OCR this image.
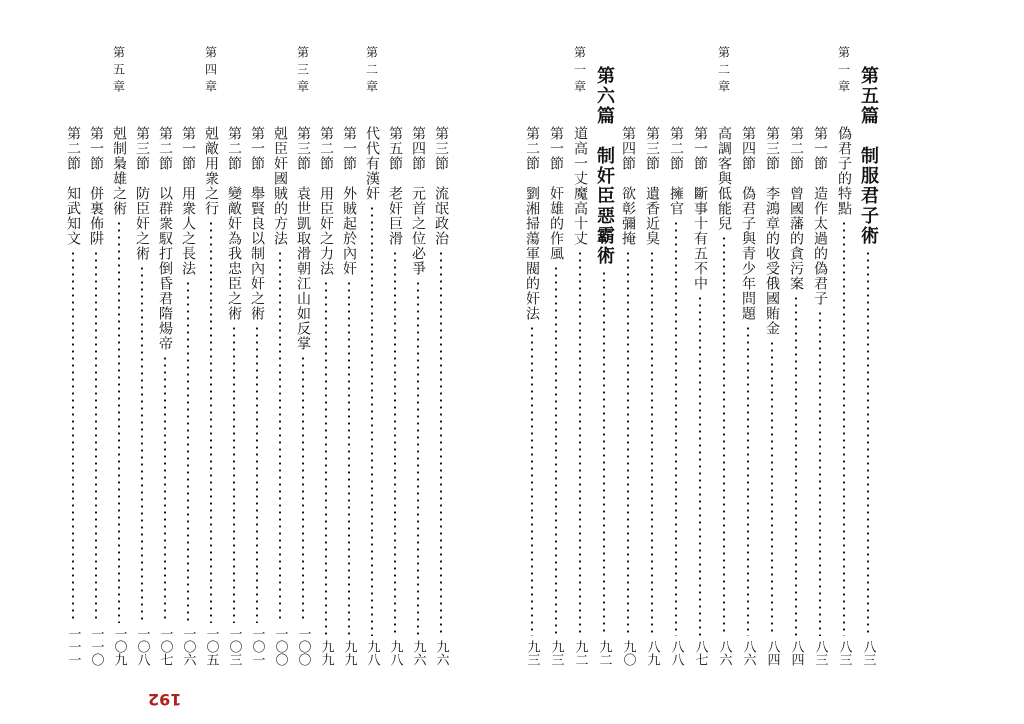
第三節　流氓政治
九六
第四節　元首之位必爭
九六
第五節　老奸巨滑
九八
第二章
代代有漢奸
九八
第一節　外賊起於內奸
九九
第二節　用臣奸之力法
九九
第三章
第三節　袁世凱取滑朝江山如反掌
一〇〇
剋臣奸國賊的方法
一〇〇
第一節　舉賢良以制內奸之術
一〇一
第二節　變敵奸為我忠臣之術
一〇三
第四章
剋敵用衆之行
一〇五
第一節　用衆人之長法
一〇六
第二節　以群衆馭打倒昏君隋煬帝
一〇七
第三節　防臣奸之術
一〇八
第五章
剋制梟雄之術
一〇九
第一節　併裏佈阱
一一〇
第二節　知武知文
一一一
第五篇　制服君子術
八三
第一章
偽君子的特點
八三
第一節　造作太過的偽君子
八三
第二節　曾國藩的貪污案
八四
第三節　李鴻章的收受俄國賄金
八四
第四節　偽君子與青少年問題
八六
第二章
高調客與低能兒
八六
第一節　斷事十有五不中
八七
第二節　擁官
八八
第三節　遺香近臭
八九
第四節　欲彰彌掩
九〇
第六篇　制奸臣惡霸術
九二
第一章
道高一丈魔高十丈
九二
第一節　奸雄的作風
九三
第二節　劉湘掃蕩軍閥的奸法
九三
192
